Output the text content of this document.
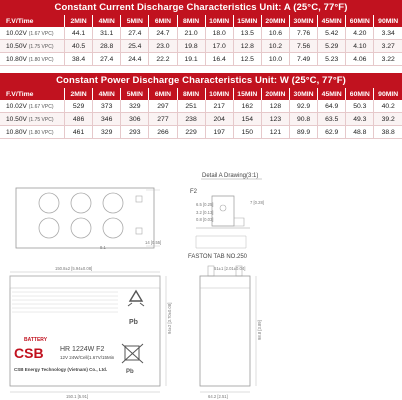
Constant Current Discharge Characteristics Unit: A (25°C, 77°F)
F.V/Time	2MIN	4MIN	5MIN	6MIN	8MIN	10MIN	15MIN	20MIN	30MIN	45MIN	60MIN	90MIN
10.02V (1.67 VPC)	44.1	31.1	27.4	24.7	21.0	18.0	13.5	10.6	7.76	5.42	4.20	3.34
10.50V (1.75 VPC)	40.5	28.8	25.4	23.0	19.8	17.0	12.8	10.2	7.56	5.29	4.10	3.27
10.80V (1.80 VPC)	38.4	27.4	24.4	22.2	19.1	16.4	12.5	10.0	7.49	5.23	4.06	3.22
Constant Power Discharge Characteristics Unit: W (25°C, 77°F)
F.V/Time	2MIN	4MIN	5MIN	6MIN	8MIN	10MIN	15MIN	20MIN	30MIN	45MIN	60MIN	90MIN
10.02V (1.67 VPC)	529	373	329	297	251	217	162	128	92.9	64.9	50.3	40.2
10.50V (1.75 VPC)	486	346	306	277	238	204	154	123	90.8	63.5	49.3	39.2
10.80V (1.80 VPC)	461	329	293	266	229	197	150	121	89.9	62.9	48.8	38.8
14 [0.55]
9.1
Detail A Drawing(3:1)
F2
3.2 [0.13]
0.8 [0.03]
6.5 [0.25]	7 [0.28]
FASTON TAB NO.250
150.8±2 [5.94±0.08]
Pb
Pb
CSB
BATTERY
HR 1224W F2
12V 24W/Cell(1.67V/15Min
CSB Energy Technology (Vietnam) Co., Ltd.
150.1 [5.91]
94±2 [3.70±0.08]
51±1 [2.01±0.04]
98.8 [3.89]
64.2 [2.51]
